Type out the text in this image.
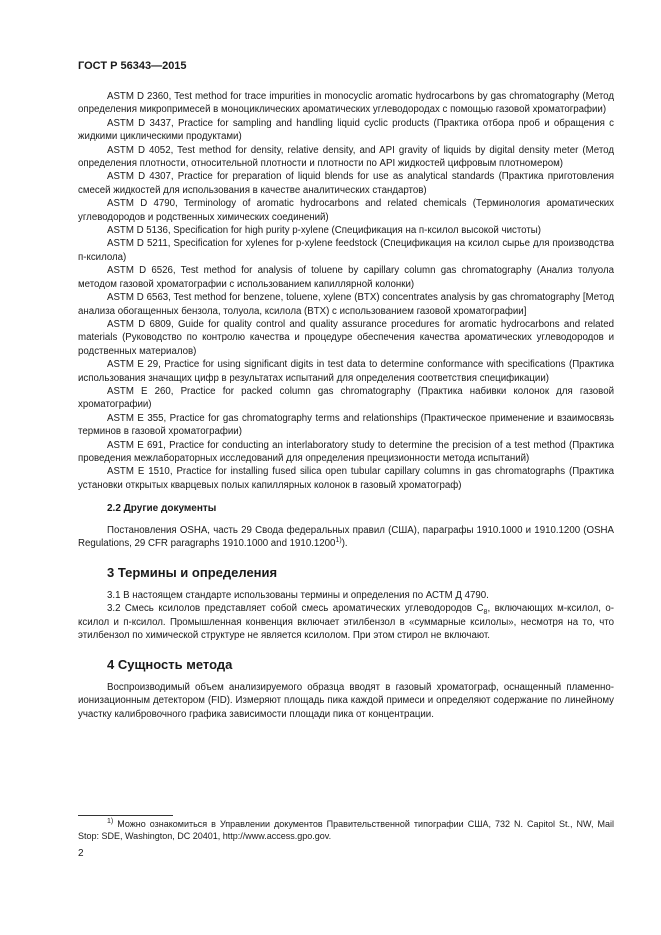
ГОСТ Р 56343—2015

ASTM D 2360, Test method for trace impurities in monocyclic aromatic hydrocarbons by gas chromatography (Метод определения микропримесей в моноциклических ароматических углеводородах с помощью газовой хроматографии)

ASTM D 3437, Practice for sampling and handling liquid cyclic products (Практика отбора проб и обращения с жидкими циклическими продуктами)

ASTM D 4052, Test method for density, relative density, and API gravity of liquids by digital density meter (Метод определения плотности, относительной плотности и плотности по API жидкостей цифровым плотномером)

ASTM D 4307, Practice for preparation of liquid blends for use as analytical standards (Практика приготовления смесей жидкостей для использования в качестве аналитических стандартов)

ASTM D 4790, Terminology of aromatic hydrocarbons and related chemicals (Терминология ароматических углеводородов и родственных химических соединений)

ASTM D 5136, Specification for high purity p-xylene (Спецификация на п-ксилол высокой чистоты)

ASTM D 5211, Specification for xylenes for p-xylene feedstock (Спецификация на ксилол сырье для производства п-ксилола)

ASTM D 6526, Test method for analysis of toluene by capillary column gas chromatography (Анализ толуола методом газовой хроматографии с использованием капиллярной колонки)

ASTM D 6563, Test method for benzene, toluene, xylene (BTX) concentrates analysis by gas chromatography [Метод анализа обогащенных бензола, толуола, ксилола (BTX) с использованием газовой хроматографии]

ASTM D 6809, Guide for quality control and quality assurance procedures for aromatic hydrocarbons and related materials (Руководство по контролю качества и процедуре обеспечения качества ароматических углеводородов и родственных материалов)

ASTM E 29, Practice for using significant digits in test data to determine conformance with specifications (Практика использования значащих цифр в результатах испытаний для определения соответствия спецификации)

ASTM E 260, Practice for packed column gas chromatography (Практика набивки колонок для газовой хроматографии)

ASTM E 355, Practice for gas chromatography terms and relationships (Практическое применение и взаимосвязь терминов в газовой хроматографии)

ASTM E 691, Practice for conducting an interlaboratory study to determine the precision of a test method (Практика проведения межлабораторных исследований для определения прецизионности метода испытаний)

ASTM E 1510, Practice for installing fused silica open tubular capillary columns in gas chromatographs (Практика установки открытых кварцевых полых капиллярных колонок в газовый хроматограф)

2.2 Другие документы

Постановления OSHA, часть 29 Свода федеральных правил (США), параграфы 1910.1000 и 1910.1200 (OSHA Regulations, 29 CFR paragraphs 1910.1000 and 1910.1200$^{1)}$).

3 Термины и определения

3.1 В настоящем стандарте использованы термины и определения по АСТМ Д 4790.

3.2 Смесь ксилолов представляет собой смесь ароматических углеводородов $С_8$, включающих м-ксилол, о-ксилол и п-ксилол. Промышленная конвенция включает этилбензол в «суммарные ксилолы», несмотря на то, что этилбензол по химической структуре не является ксилолом. При этом стирол не включают.

4 Сущность метода

Воспроизводимый объем анализируемого образца вводят в газовый хроматограф, оснащенный пламенно-ионизационным детектором (FID). Измеряют площадь пика каждой примеси и определяют содержание по линейному участку калибровочного графика зависимости площади пика от концентрации.

$^{1)}$ Можно ознакомиться в Управлении документов Правительственной типографии США, 732 N. Capitol St., NW, Mail Stop: SDE, Washington, DC 20401, http://www.access.gpo.gov.
2
